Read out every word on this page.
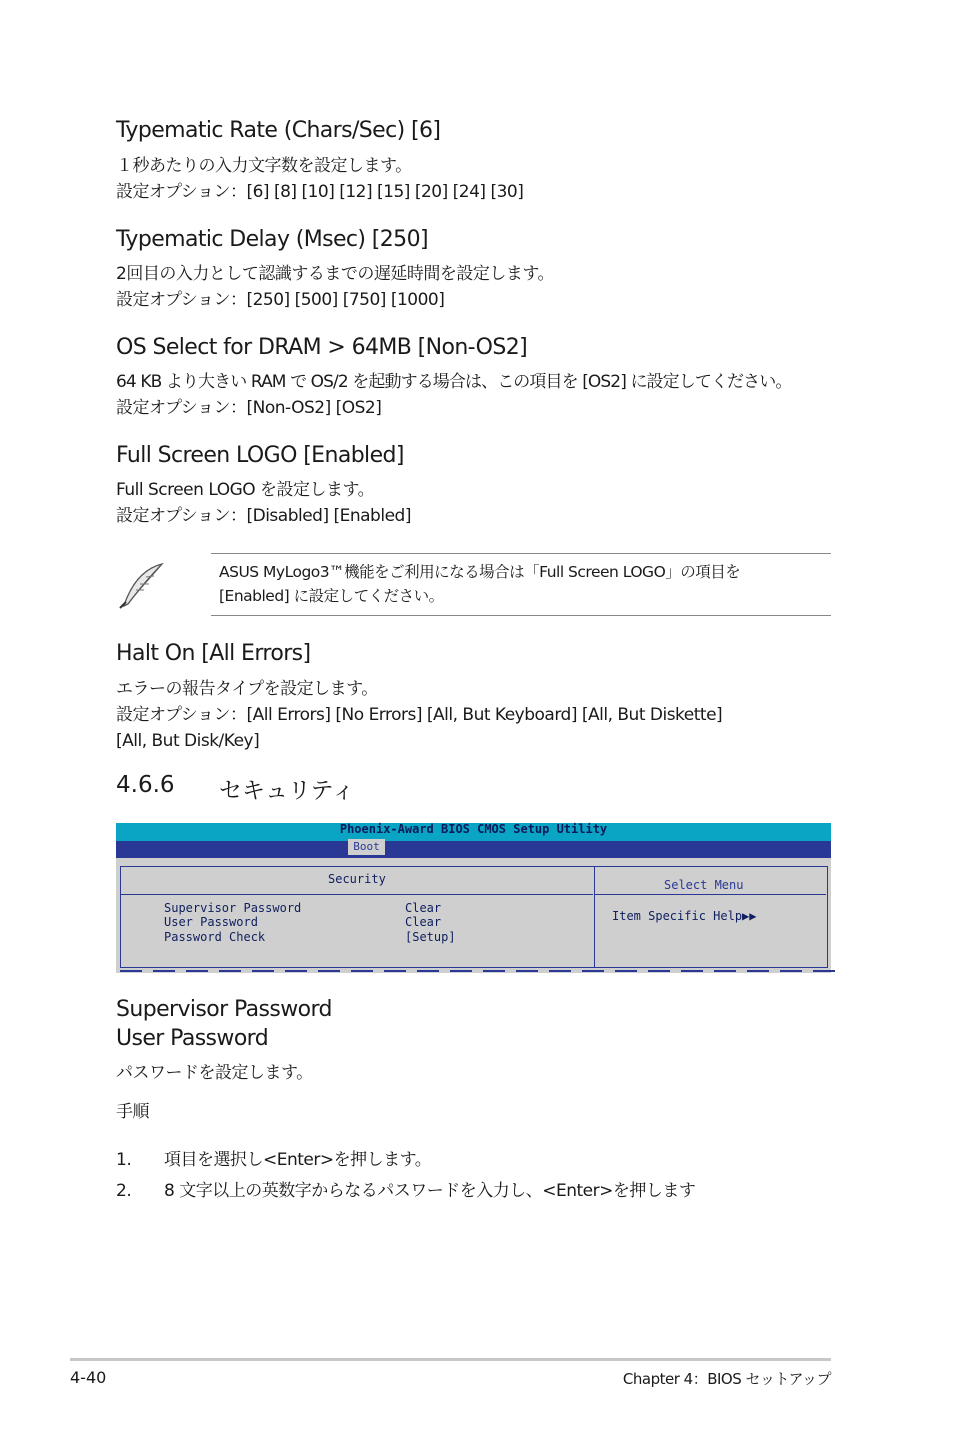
Typematic Rate (Chars/Sec) [6]
１秒あたりの入力文字数を設定します。
設定オプション：[6] [8] [10] [12] [15] [20] [24] [30]
Typematic Delay (Msec) [250]
2回目の入力として認識するまでの遅延時間を設定します。
設定オプション：[250] [500] [750] [1000]
OS Select for DRAM > 64MB [Non-OS2]
64 KB より大きい RAM で OS/2 を起動する場合は、この項目を [OS2] に設定してください。
設定オプション：[Non-OS2] [OS2]
Full Screen LOGO [Enabled]
Full Screen LOGO を設定します。
設定オプション：[Disabled] [Enabled]
ASUS MyLogo3™機能をご利用になる場合は「Full Screen LOGO」の項目を
[Enabled] に設定してください。
Halt On [All Errors]
エラーの報告タイプを設定します。
設定オプション：[All Errors] [No Errors] [All, But Keyboard] [All, But Diskette]
[All, But Disk/Key]
4.6.6 セキュリティ
Phoenix-Award BIOS CMOS Setup Utility
Boot
Security	Select Menu
Item Specific Help▶▶
Supervisor Password	Clear
User Password	Clear
Password Check	[Setup]
Supervisor Password
User Password
パスワードを設定します。
手順
1. 項目を選択し<Enter>を押します。
2. 8 文字以上の英数字からなるパスワードを入力し、<Enter>を押します
4-40	Chapter 4：BIOS セットアップ
